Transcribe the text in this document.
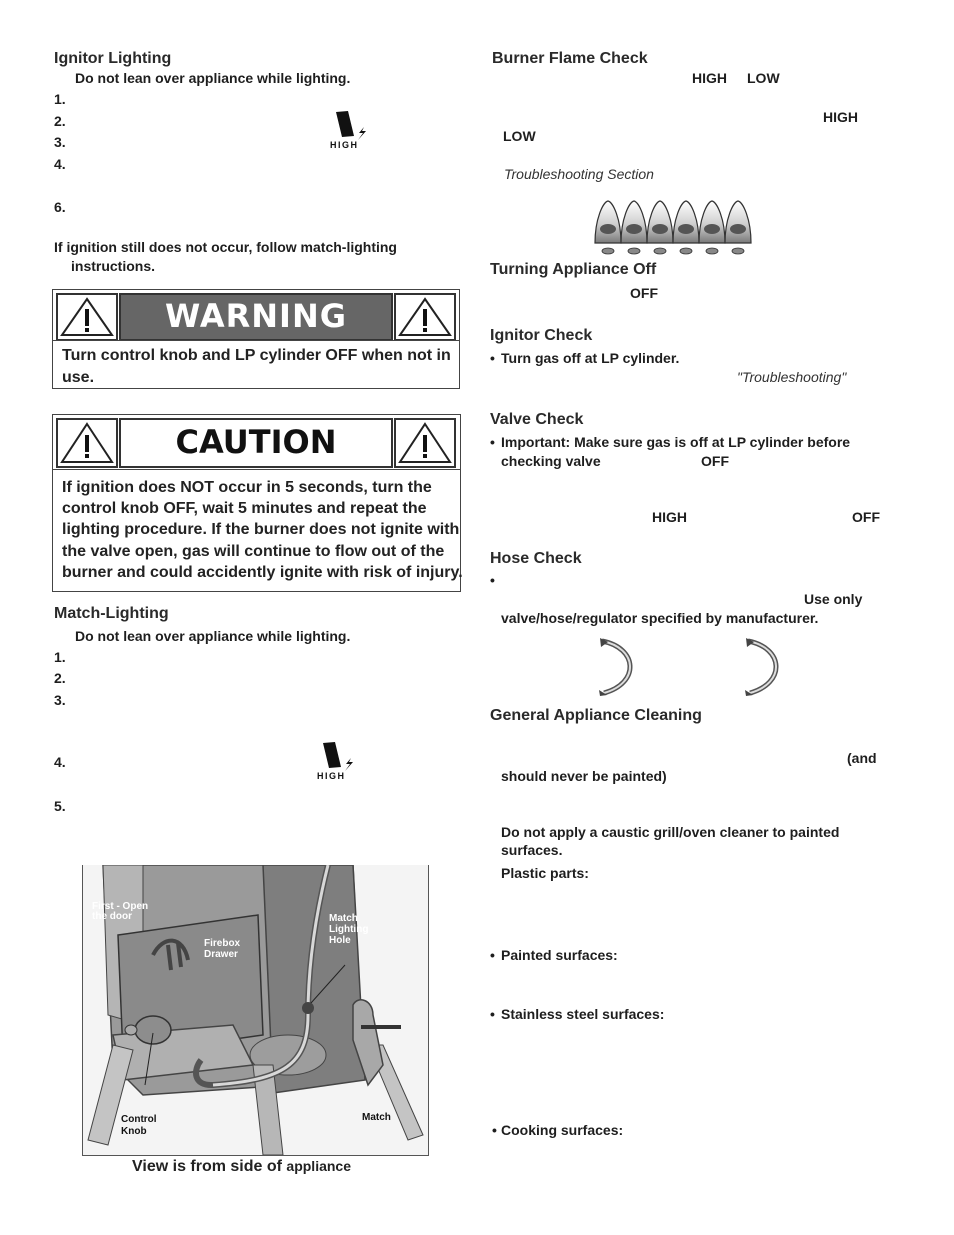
Ignitor Lighting
Do not lean over appliance while lighting.
1.
2.
3.
4.
6.
HIGH
If ignition still does not occur, follow match-lighting
instructions.
WARNING
Turn control knob and LP cylinder OFF when not in
use.
CAUTION
If ignition does NOT occur in 5 seconds, turn the
control knob OFF, wait 5 minutes and repeat the
lighting procedure. If the burner does not ignite with
the valve open, gas will continue to flow out of the
burner and could accidently ignite with risk of injury.
Match-Lighting
Do not lean over appliance while lighting.
1.
2.
3.
4.
5.
HIGH
First - Open
the door
Firebox
Drawer
Match
Lighting
Hole
Control
Knob
Match
View is from side of appliance
Burner Flame Check
HIGH LOW
HIGH
LOW
Troubleshooting Section
Turning Appliance Off
OFF
Ignitor Check
• Turn gas off at LP cylinder.
"Troubleshooting"
Valve Check
• Important: Make sure gas is off at LP cylinder before
checking valve	OFF
HIGH	OFF
Hose Check
•
Use only
valve/hose/regulator specified by manufacturer.
General Appliance Cleaning
(and
should never be painted)
Do not apply a caustic grill/oven cleaner to painted
surfaces.
Plastic parts:
• Painted surfaces:
• Stainless steel surfaces:
• Cooking surfaces:
